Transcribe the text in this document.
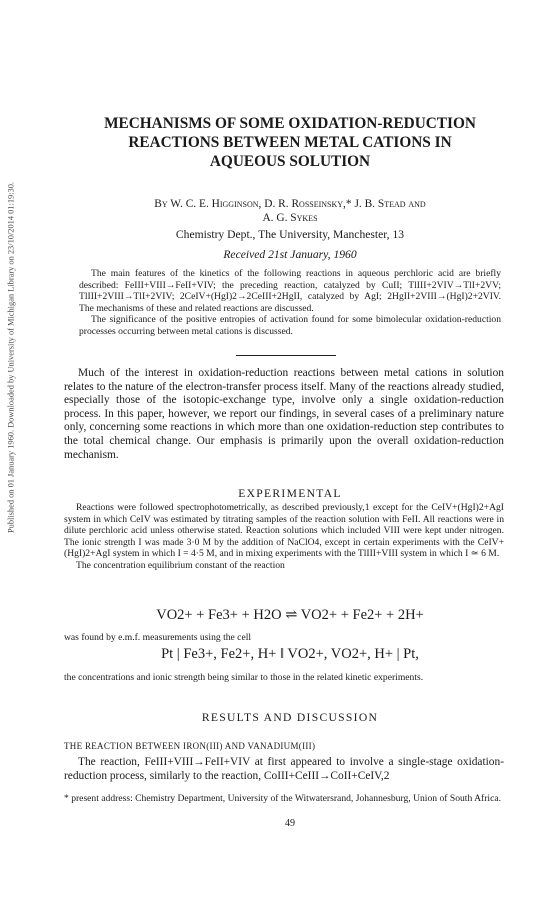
Published on 01 January 1960. Downloaded by University of Michigan Library on 23/10/2014 01:19:30.
MECHANISMS OF SOME OXIDATION-REDUCTION
REACTIONS BETWEEN METAL CATIONS IN
AQUEOUS SOLUTION
By W. C. E. Higginson, D. R. Rosseinsky,* J. B. Stead and
A. G. Sykes
Chemistry Dept., The University, Manchester, 13
Received 21st January, 1960

The main features of the kinetics of the following reactions in aqueous perchloric acid are briefly described: FeIII+VIII→FeII+VIV; the preceding reaction, catalyzed by CuII; TlIII+2VIV→TlI+2VV; TlIII+2VIII→TlI+2VIV; 2CeIV+(HgI)2→2CeIII+2HgII, catalyzed by AgI; 2HgII+2VIII→(HgI)2+2VIV. The mechanisms of these and related reactions are discussed.

The significance of the positive entropies of activation found for some bimolecular oxidation-reduction processes occurring between metal cations is discussed.

Much of the interest in oxidation-reduction reactions between metal cations in solution relates to the nature of the electron-transfer process itself. Many of the reactions already studied, especially those of the isotopic-exchange type, involve only a single oxidation-reduction process. In this paper, however, we report our findings, in several cases of a preliminary nature only, concerning some reactions in which more than one oxidation-reduction step contributes to the total chemical change. Our emphasis is primarily upon the overall oxidation-reduction mechanism.

EXPERIMENTAL

Reactions were followed spectrophotometrically, as described previously,1 except for the CeIV+(HgI)2+AgI system in which CeIV was estimated by titrating samples of the reaction solution with FeII. All reactions were in dilute perchloric acid unless otherwise stated. Reaction solutions which included VIII were kept under nitrogen. The ionic strength I was made 3·0 M by the addition of NaClO4, except in certain experiments with the CeIV+(HgI)2+AgI system in which I = 4·5 M, and in mixing experiments with the TlIII+VIII system in which I ≃ 6 M.

The concentration equilibrium constant of the reaction

VO2+ + Fe3+ + H2O ⇌ VO2+ + Fe2+ + 2H+
was found by e.m.f. measurements using the cell
Pt | Fe3+, Fe2+, H+ ‖ VO2+, VO2+, H+ | Pt,
the concentrations and ionic strength being similar to those in the related kinetic experiments.
RESULTS AND DISCUSSION
THE REACTION BETWEEN IRON(III) AND VANADIUM(III)

The reaction, FeIII+VIII→FeII+VIV at first appeared to involve a single-stage oxidation-reduction process, similarly to the reaction, CoIII+CeIII→CoII+CeIV,2

* present address: Chemistry Department, University of the Witwatersrand, Johannesburg, Union of South Africa.
49
